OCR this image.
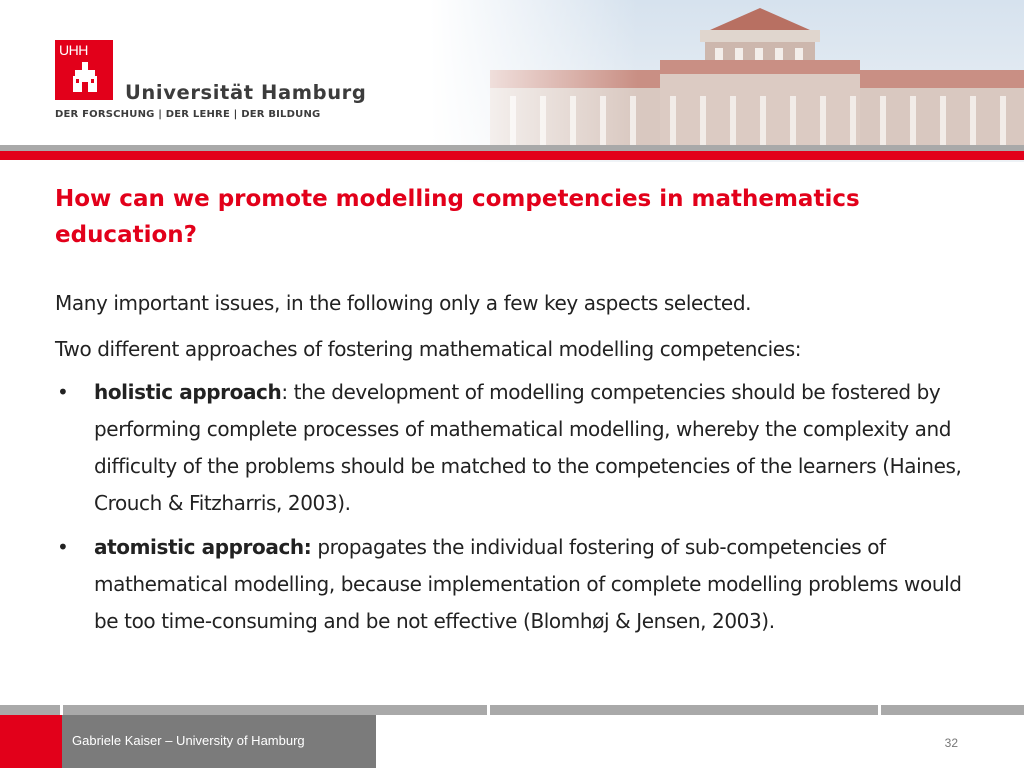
UHH
Universität Hamburg
DER FORSCHUNG | DER LEHRE | DER BILDUNG
How can we promote modelling competencies in mathematics education?

Many important issues, in the following only a few key aspects selected.

Two different approaches of fostering mathematical modelling competencies:

• holistic approach: the development of modelling competencies should be fostered by performing complete processes of mathematical modelling, whereby the complexity and difficulty of the problems should be matched to the competencies of the learners (Haines, Crouch & Fitzharris, 2003).
• atomistic approach: propagates the individual fostering of sub-competencies of mathematical modelling, because implementation of complete modelling problems would be too time-consuming and be not effective (Blomhøj & Jensen, 2003).
Gabriele Kaiser – University of Hamburg	32
